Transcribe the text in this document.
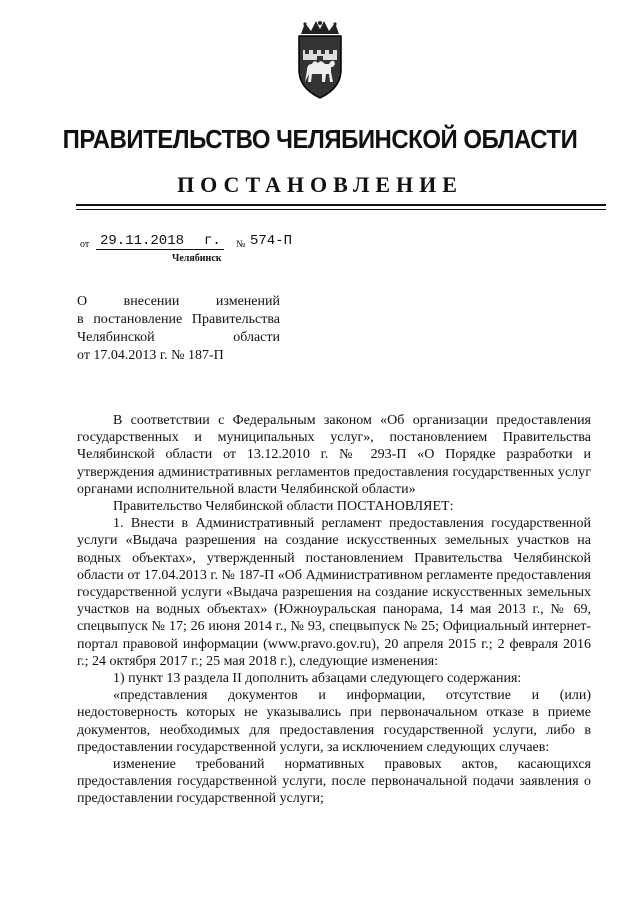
ПРАВИТЕЛЬСТВО ЧЕЛЯБИНСКОЙ ОБЛАСТИ
ПОСТАНОВЛЕНИЕ
от 29.11.2018	г. № 574-П
Челябинск
О внесении изменений
в постановление Правительства
Челябинской области
от 17.04.2013 г. № 187-П

В соответствии с Федеральным законом «Об организации предоставления государственных и муниципальных услуг», постановлением Правительства Челябинской области от 13.12.2010 г. № 293-П «О Порядке разработки и утверждения административных регламентов предоставления государственных услуг органами исполнительной власти Челябинской области»

Правительство Челябинской области ПОСТАНОВЛЯЕТ:

1. Внести в Административный регламент предоставления государственной услуги «Выдача разрешения на создание искусственных земельных участков на водных объектах», утвержденный постановлением Правительства Челябинской области от 17.04.2013 г. № 187-П «Об Административном регламенте предоставления государственной услуги «Выдача разрешения на создание искусственных земельных участков на водных объектах» (Южноуральская панорама, 14 мая 2013 г., № 69, спецвыпуск № 17; 26 июня 2014 г., № 93, спецвыпуск № 25; Официальный интернет-портал правовой информации (www.pravo.gov.ru), 20 апреля 2015 г.; 2 февраля 2016 г.; 24 октября 2017 г.; 25 мая 2018 г.), следующие изменения:

1) пункт 13 раздела II дополнить абзацами следующего содержания:

«представления документов и информации, отсутствие и (или) недостоверность которых не указывались при первоначальном отказе в приеме документов, необходимых для предоставления государственной услуги, либо в предоставлении государственной услуги, за исключением следующих случаев:

изменение требований нормативных правовых актов, касающихся предоставления государственной услуги, после первоначальной подачи заявления о предоставлении государственной услуги;
